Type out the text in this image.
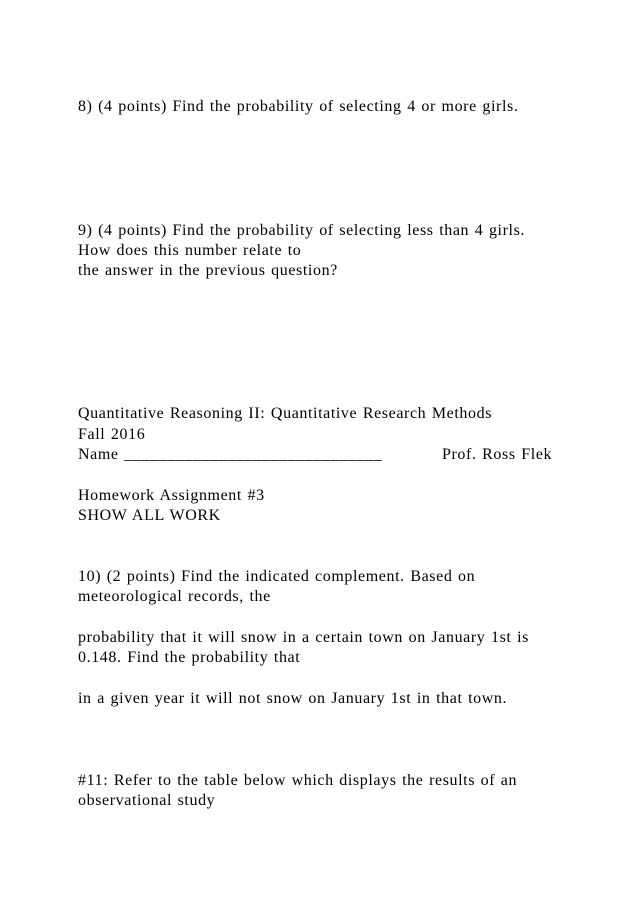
8) (4 points) Find the probability of selecting 4 or more girls.
9) (4 points) Find the probability of selecting less than 4 girls.
How does this number relate to
the answer in the previous question?
Quantitative Reasoning II: Quantitative Research Methods
Fall 2016
Name ______________________________	Prof. Ross Flek
Homework Assignment #3
SHOW ALL WORK
10) (2 points) Find the indicated complement. Based on
meteorological records, the
probability that it will snow in a certain town on January 1st is
0.148. Find the probability that
in a given year it will not snow on January 1st in that town.
#11: Refer to the table below which displays the results of an
observational study
